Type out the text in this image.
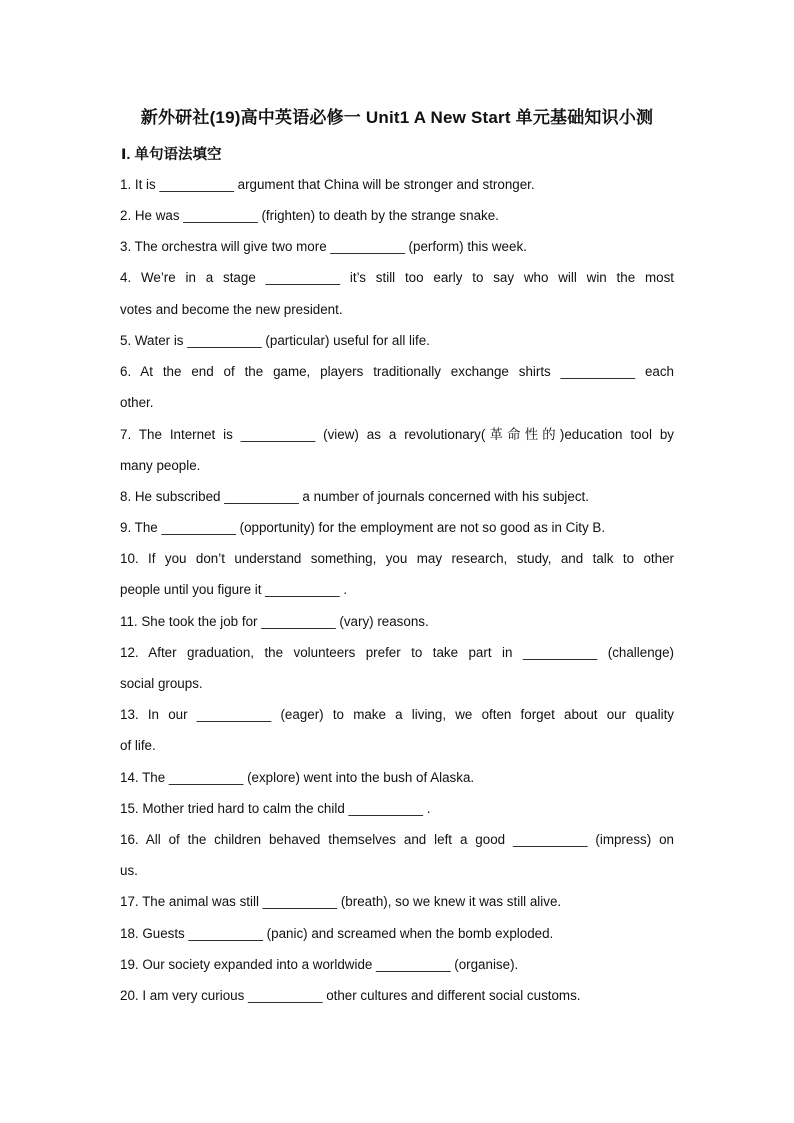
新外研社(19)高中英语必修一 Unit1 A New Start 单元基础知识小测
Ⅰ. 单句语法填空
1. It is __________ argument that China will be stronger and stronger.
2. He was __________ (frighten) to death by the strange snake.
3. The orchestra will give two more __________ (perform) this week.
4. We’re in a stage __________ it’s still too early to say who will win the most
votes and become the new president.
5. Water is __________ (particular) useful for all life.
6. At the end of the game, players traditionally exchange shirts __________ each
other.
7. The Internet is __________ (view) as a revolutionary(革命性的)education tool by
many people.
8. He subscribed __________ a number of journals concerned with his subject.
9. The __________ (opportunity) for the employment are not so good as in City B.
10. If you don’t understand something, you may research, study, and talk to other
people until you figure it __________ .
11. She took the job for __________ (vary) reasons.
12. After graduation, the volunteers prefer to take part in __________ (challenge)
social groups.
13. In our __________ (eager) to make a living, we often forget about our quality
of life.
14. The __________ (explore) went into the bush of Alaska.
15. Mother tried hard to calm the child __________ .
16. All of the children behaved themselves and left a good __________ (impress) on
us.
17. The animal was still __________ (breath), so we knew it was still alive.
18. Guests __________ (panic) and screamed when the bomb exploded.
19. Our society expanded into a worldwide __________ (organise).
20. I am very curious __________ other cultures and different social customs.
